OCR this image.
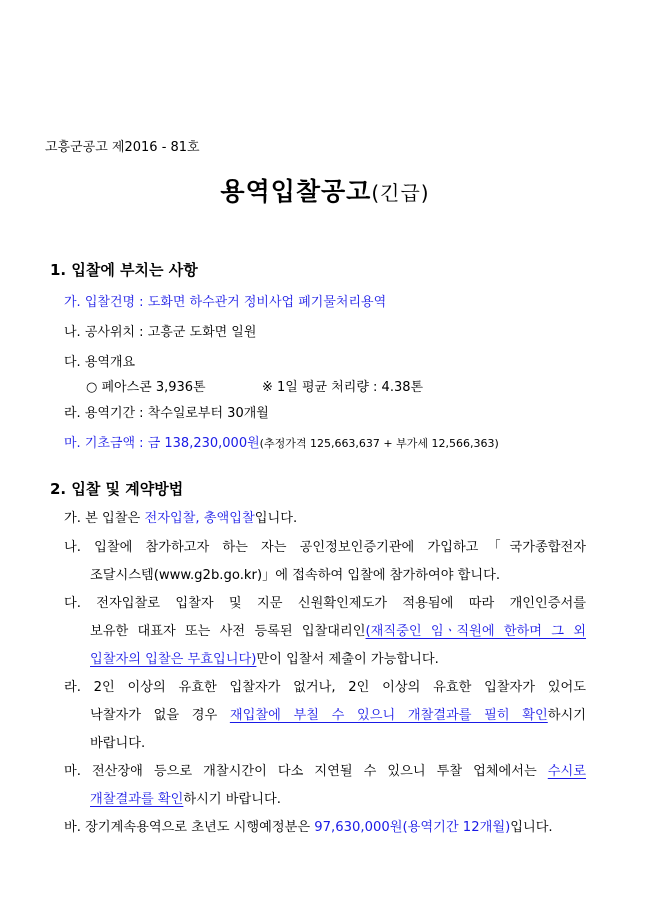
고흥군공고 제2016 - 81호
용역입찰공고(긴급)
1. 입찰에 부치는 사항
가. 입찰건명 : 도화면 하수관거 정비사업 폐기물처리용역
나. 공사위치 : 고흥군 도화면 일원
다. 용역개요
○ 폐아스콘 3,936톤	※ 1일 평균 처리량 : 4.38톤
라. 용역기간 : 착수일로부터 30개월
마. 기초금액 : 금 138,230,000원(추정가격 125,663,637 + 부가세 12,566,363)
2. 입찰 및 계약방법
가. 본 입찰은 전자입찰, 총액입찰입니다.
나. 입찰에 참가하고자 하는 자는 공인정보인증기관에 가입하고「국가종합전자
조달시스템(www.g2b.go.kr)」에 접속하여 입찰에 참가하여야 합니다.
다. 전자입찰로 입찰자 및 지문 신원확인제도가 적용됨에 따라 개인인증서를
보유한 대표자 또는 사전 등록된 입찰대리인(재직중인 임ㆍ직원에 한하며 그 외
입찰자의 입찰은 무효입니다)만이 입찰서 제출이 가능합니다.
라. 2인 이상의 유효한 입찰자가 없거나, 2인 이상의 유효한 입찰자가 있어도
낙찰자가 없을 경우 재입찰에 부칠 수 있으니 개찰결과를 필히 확인하시기
바랍니다.
마. 전산장애 등으로 개찰시간이 다소 지연될 수 있으니 투찰 업체에서는 수시로
개찰결과를 확인하시기 바랍니다.
바. 장기계속용역으로 초년도 시행예정분은 97,630,000원(용역기간 12개월)입니다.
